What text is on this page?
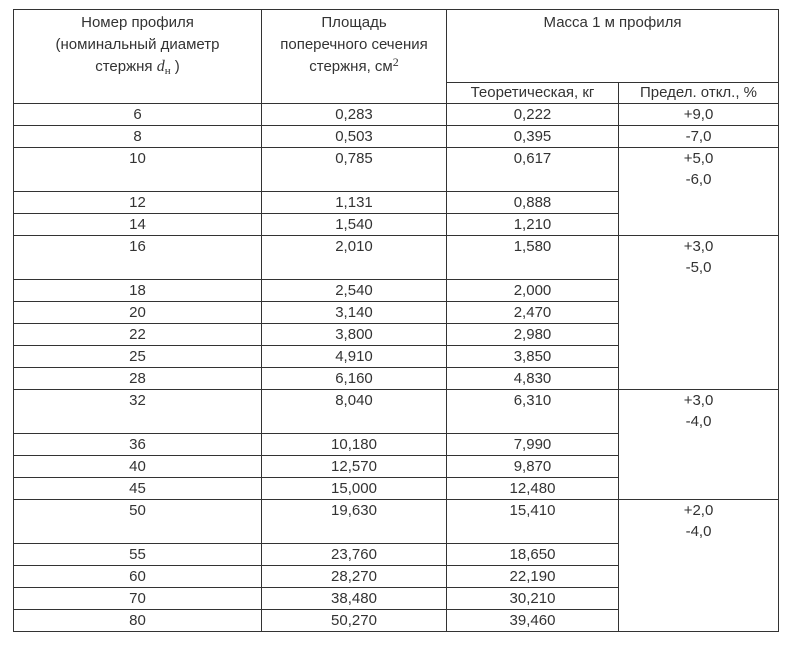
Номер профиля
(номинальный диаметр
стержня $d_н$ )	Площадь
поперечного сечения
стержня, $см^2$	Масса 1 м профиля	
		Теоретическая, кг	Предел. откл., %
6	0,283	0,222	+9,0
8	0,503	0,395	-7,0
10	0,785	0,617	+5,0
-6,0

12	1,131	0,888	
14	1,540	1,210	
16	2,010	1,580	+3,0
-5,0

18	2,540	2,000	
20	3,140	2,470	
22	3,800	2,980	
25	4,910	3,850	
28	6,160	4,830	
32	8,040	6,310	+3,0
-4,0

36	10,180	7,990	
40	12,570	9,870	
45	15,000	12,480	
50	19,630	15,410	+2,0
-4,0

55	23,760	18,650	
60	28,270	22,190	
70	38,480	30,210	
80	50,270	39,460	
